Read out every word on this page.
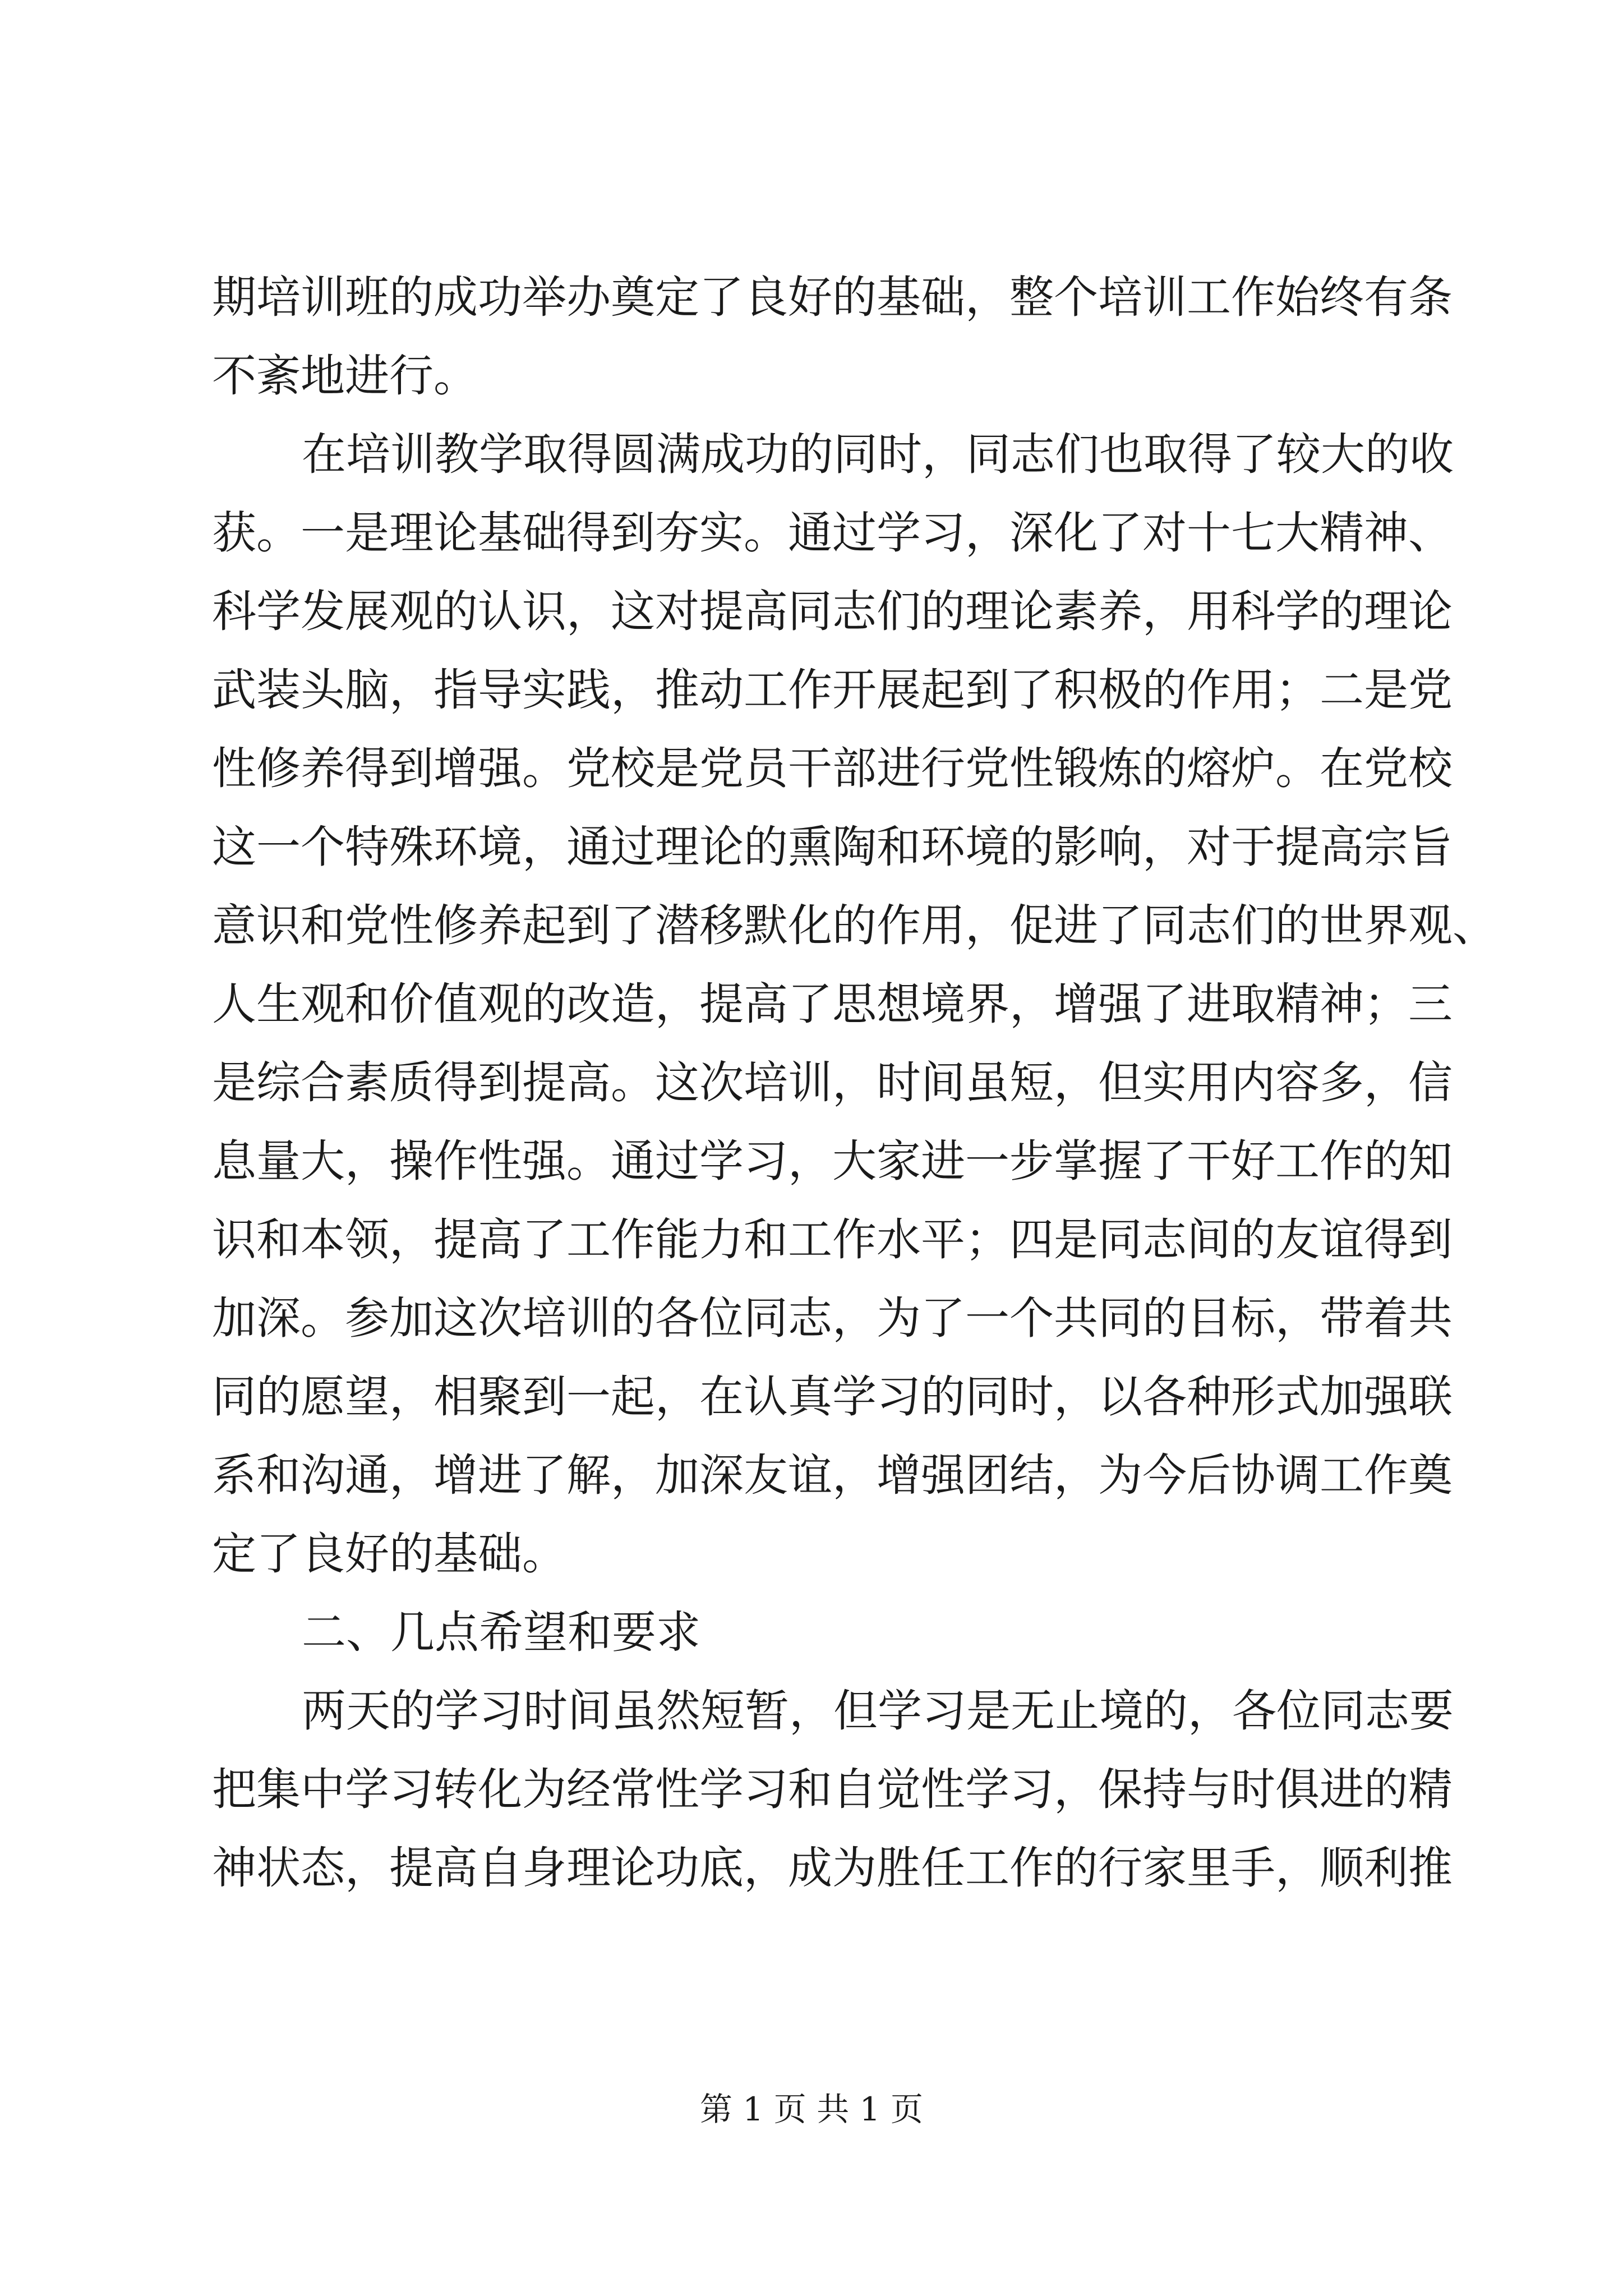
期培训班的成功举办奠定了良好的基础，整个培训工作始终有条
不紊地进行。
在培训教学取得圆满成功的同时，同志们也取得了较大的收
获。一是理论基础得到夯实。通过学习，深化了对十七大精神、
科学发展观的认识，这对提高同志们的理论素养，用科学的理论
武装头脑，指导实践，推动工作开展起到了积极的作用；二是党
性修养得到增强。党校是党员干部进行党性锻炼的熔炉。在党校
这一个特殊环境，通过理论的熏陶和环境的影响，对于提高宗旨
意识和党性修养起到了潜移默化的作用，促进了同志们的世界观、
人生观和价值观的改造，提高了思想境界，增强了进取精神；三
是综合素质得到提高。这次培训，时间虽短，但实用内容多，信
息量大，操作性强。通过学习，大家进一步掌握了干好工作的知
识和本领，提高了工作能力和工作水平；四是同志间的友谊得到
加深。参加这次培训的各位同志，为了一个共同的目标，带着共
同的愿望，相聚到一起，在认真学习的同时，以各种形式加强联
系和沟通，增进了解，加深友谊，增强团结，为今后协调工作奠
定了良好的基础。
二、几点希望和要求
两天的学习时间虽然短暂，但学习是无止境的，各位同志要
把集中学习转化为经常性学习和自觉性学习，保持与时俱进的精
神状态，提高自身理论功底，成为胜任工作的行家里手，顺利推
第 1 页 共 1 页
